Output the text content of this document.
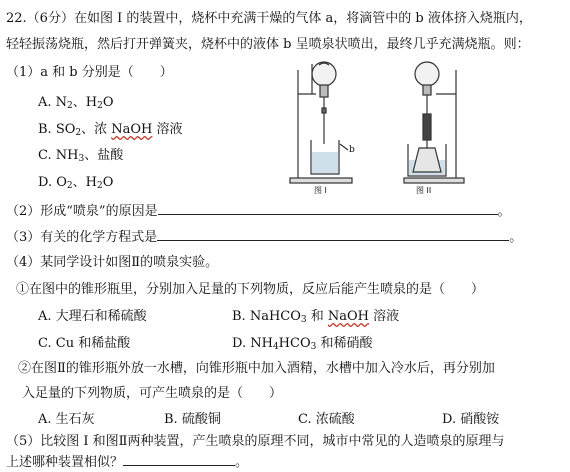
22.（6分）在如图 I 的装置中，烧杯中充满干燥的气体 a，将滴管中的 b 液体挤入烧瓶内，
轻轻振荡烧瓶，然后打开弹簧夹，烧杯中的液体 b 呈喷泉状喷出，最终几乎充满烧瓶。则：
（1）a 和 b 分别是（　　）
A. $N_2$、$H_2O$
B. $SO_2$、浓 NaOH 溶液
C. $NH_3$、盐酸
D. $O_2$、$H_2O$
b
图 I	图 II
（2）形成“喷泉”的原因是	。
（3）有关的化学方程式是	。
（4）某同学设计如图Ⅱ的喷泉实验。
①在图中的锥形瓶里，分别加入足量的下列物质，反应后能产生喷泉的是（　　）
A. 大理石和稀硫酸	B. NaHCO$_3$ 和 NaOH 溶液
C. Cu 和稀盐酸	D. $NH_4HCO_3$ 和稀硝酸
②在图Ⅱ的锥形瓶外放一水槽，向锥形瓶中加入酒精，水槽中加入冷水后，再分别加
入足量的下列物质，可产生喷泉的是（　　）
A. 生石灰	B. 硫酸铜	C. 浓硫酸	D. 硝酸铵
（5）比较图 I 和图Ⅱ两种装置，产生喷泉的原理不同，城市中常见的人造喷泉的原理与
上述哪种装置相似？	。
